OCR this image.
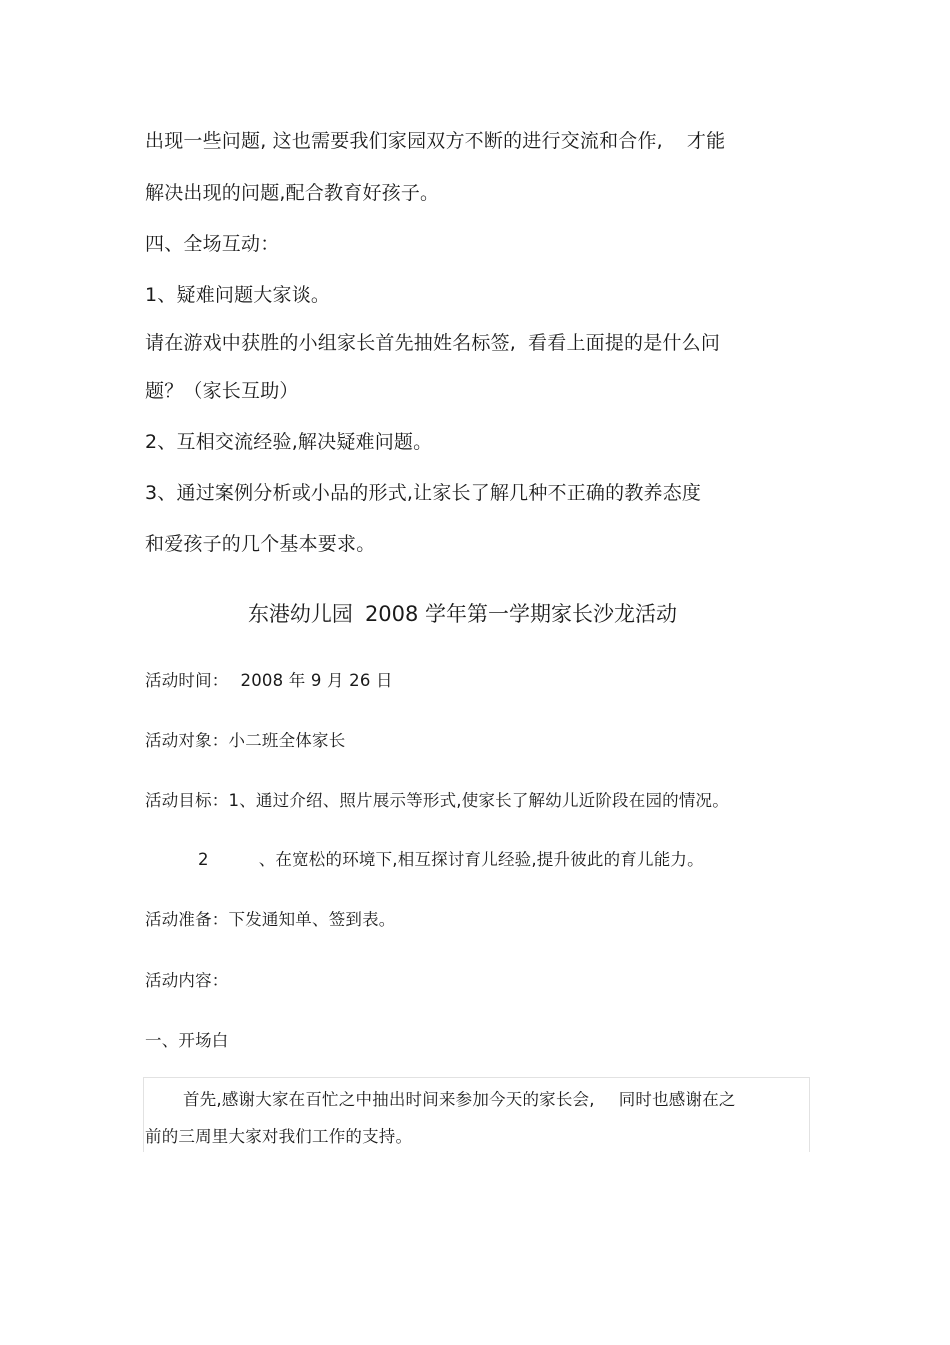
出现一些问题, 这也需要我们家园双方不断的进行交流和合作, 才能
解决出现的问题,配合教育好孩子。
四、全场互动：
1、疑难问题大家谈。
请在游戏中获胜的小组家长首先抽姓名标签, 看看上面提的是什么问
题？（家长互助）
2、互相交流经验,解决疑难问题。
3、通过案例分析或小品的形式,让家长了解几种不正确的教养态度
和爱孩子的几个基本要求。
东港幼儿园 2008 学年第一学期家长沙龙活动
活动时间： 2008 年 9 月 26 日
活动对象：小二班全体家长
活动目标：1、通过介绍、照片展示等形式,使家长了解幼儿近阶段在园的情况。
2	、在宽松的环境下,相互探讨育儿经验,提升彼此的育儿能力。
活动准备：下发通知单、签到表。
活动内容：
一、开场白
首先,感谢大家在百忙之中抽出时间来参加今天的家长会, 同时也感谢在之
前的三周里大家对我们工作的支持。
